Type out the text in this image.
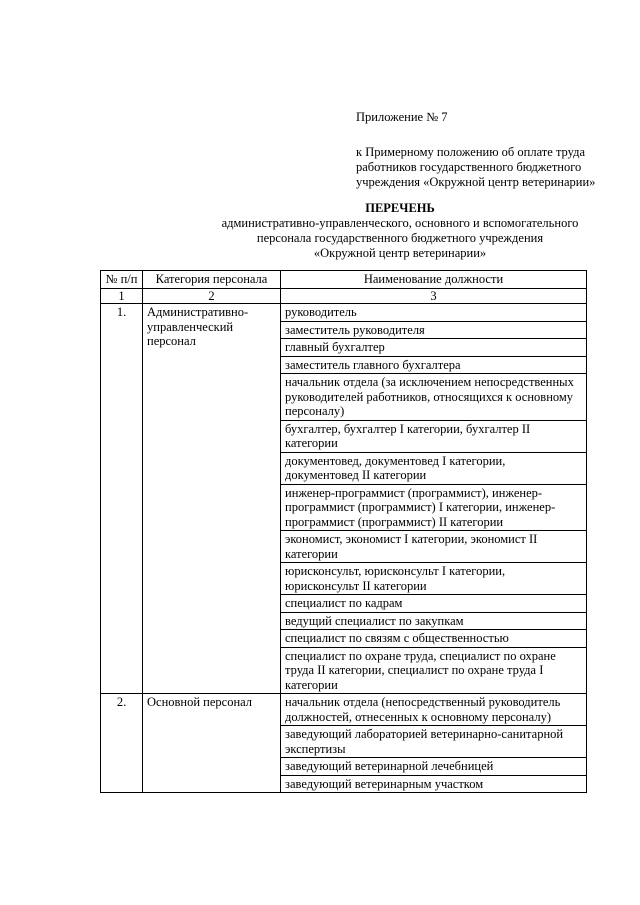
Приложение № 7
к Примерному положению об оплате труда работников государственного бюджетного учреждения «Окружной центр ветеринарии»
ПЕРЕЧЕНЬ
административно-управленческого, основного и вспомогательного
персонала государственного бюджетного учреждения
«Окружной центр ветеринарии»
№ п/п	Категория персонала	Наименование должности
1	2	3
1.	Административно-управленческий персонал	руководитель
		заместитель руководителя
		главный бухгалтер
		заместитель главного бухгалтера
		начальник отдела (за исключением непосредственных руководителей работников, относящихся к основному персоналу)
		бухгалтер, бухгалтер I категории, бухгалтер II категории
		документовед, документовед I категории, документовед II категории
		инженер-программист (программист), инженер-программист (программист) I категории, инженер-программист (программист) II категории
		экономист, экономист I категории, экономист II категории
		юрисконсульт, юрисконсульт I категории, юрисконсульт II категории
		специалист по кадрам
		ведущий специалист по закупкам
		специалист по связям с общественностью
		специалист по охране труда, специалист по охране труда II категории, специалист по охране труда I категории
2.	Основной персонал	начальник отдела (непосредственный руководитель должностей, отнесенных к основному персоналу)
		заведующий лабораторией ветеринарно-санитарной экспертизы
		заведующий ветеринарной лечебницей
		заведующий ветеринарным участком
